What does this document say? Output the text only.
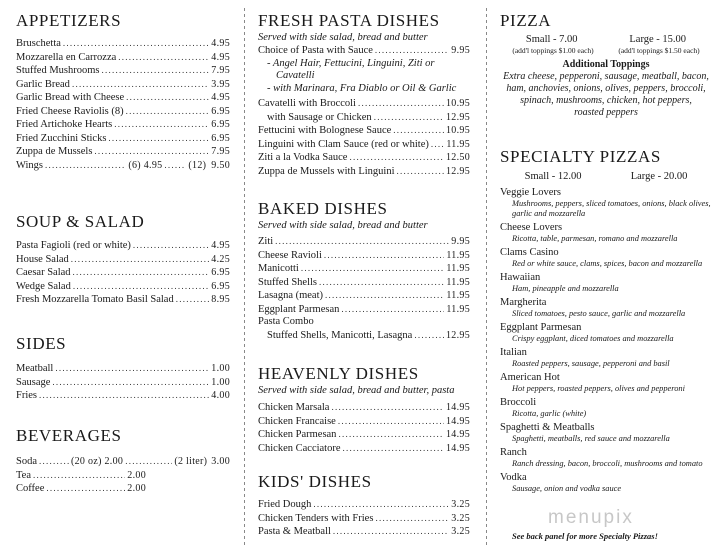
APPETIZERS
Bruschetta . . .	4.95
Mozzarella en Carrozza . . .	4.95
Stuffed Mushrooms . . .	7.95
Garlic Bread . . .	3.95
Garlic Bread with Cheese . . .	4.95
Fried Cheese Raviolis (8) . . .	6.95
Fried Artichoke Hearts . . .	6.95
Fried Zucchini Sticks . . .	6.95
Zuppa de Mussels . . .	7.95
Wings . . .	(6) 4.95 . . .	(12) 9.50
SOUP & SALAD
Pasta Fagioli (red or white) . . .	4.95
House Salad . . .	4.25
Caesar Salad . . .	6.95
Wedge Salad . . .	6.95
Fresh Mozzarella Tomato Basil Salad . . .	8.95
SIDES
Meatball . . .	1.00
Sausage . . .	1.00
Fries . . .	4.00
BEVERAGES
Soda . . .	(20 oz) 2.00 . . .	(2 liter) 3.00
Tea . . .	2.00
Coffee . . .	2.00
FRESH PASTA DISHES
Served with side salad, bread and butter
Choice of Pasta with Sauce . . .	9.95
- Angel Hair, Fettucini, Linguini, Ziti or
Cavatelli
- with Marinara, Fra Diablo or Oil & Garlic
Cavatelli with Broccoli . . .	10.95
with Sausage or Chicken . . .	12.95
Fettucini with Bolognese Sauce . . .	10.95
Linguini with Clam Sauce (red or white) . . . 11.95
Ziti a la Vodka Sauce . . .	12.50
Zuppa de Mussels with Linguini . . .	12.95
BAKED DISHES
Served with side salad, bread and butter
Ziti . . .	9.95
Cheese Ravioli . . .	11.95
Manicotti . . .	11.95
Stuffed Shells . . .	11.95
Lasagna (meat) . . .	11.95
Eggplant Parmesan . . .	11.95
Pasta Combo
Stuffed Shells, Manicotti, Lasagna . . .	12.95
HEAVENLY DISHES
Served with side salad, bread and butter, pasta
Chicken Marsala . . .	14.95
Chicken Francaise . . .	14.95
Chicken Parmesan . . .	14.95
Chicken Cacciatore . . .	14.95
KIDS' DISHES
Fried Dough . . .	3.25
Chicken Tenders with Fries . . .	3.25
Pasta & Meatball . . .	3.25
PIZZA
Small - 7.00	Large - 15.00
(add'l toppings $1.00 each)	(add'l toppings $1.50 each)
Additional Toppings
Extra cheese, pepperoni, sausage, meatball, bacon,
ham, anchovies, onions, olives, peppers, broccoli,
spinach, mushrooms, chicken, hot peppers,
roasted peppers
SPECIALTY PIZZAS
Small - 12.00	Large - 20.00
Veggie Lovers
Mushrooms, peppers, sliced tomatoes, onions, black olives,
garlic and mozzarella
Cheese Lovers
Ricotta, table, parmesan, romano and mozzarella
Clams Casino
Red or white sauce, clams, spices, bacon and mozzarella
Hawaiian
Ham, pineapple and mozzarella
Margherita
Sliced tomatoes, pesto sauce, garlic and mozzarella
Eggplant Parmesan
Crispy eggplant, diced tomatoes and mozzarella
Italian
Roasted peppers, sausage, pepperoni and basil
American Hot
Hot peppers, roasted peppers, olives and pepperoni
Broccoli
Ricotta, garlic (white)
Spaghetti & Meatballs
Spaghetti, meatballs, red sauce and mozzarella
Ranch
Ranch dressing, bacon, broccoli, mushrooms and tomato
Vodka
Sausage, onion and vodka sauce
menupix
See back panel for more Specialty Pizzas!
